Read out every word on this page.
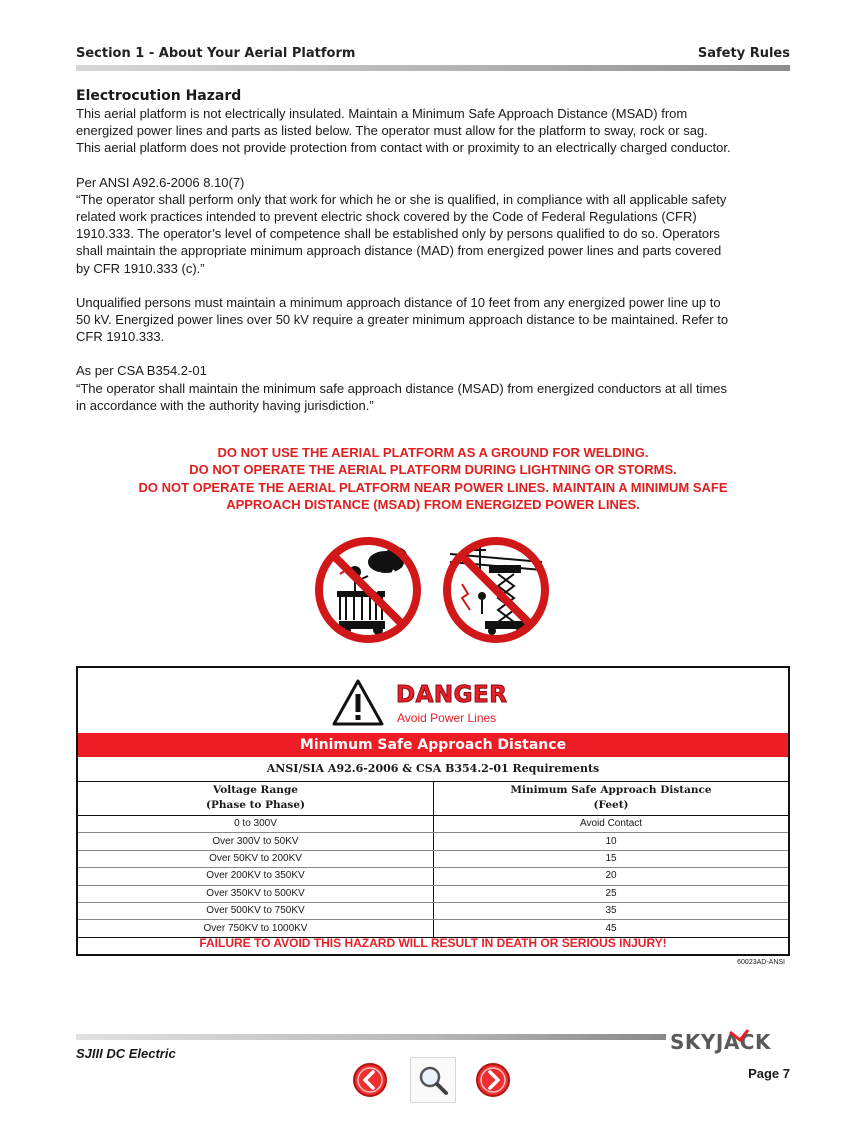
Section 1 - About Your Aerial Platform	Safety Rules
Electrocution Hazard

This aerial platform is not electrically insulated. Maintain a Minimum Safe Approach Distance (MSAD) from
energized power lines and parts as listed below. The operator must allow for the platform to sway, rock or sag.
This aerial platform does not provide protection from contact with or proximity to an electrically charged conductor.

Per ANSI A92.6-2006 8.10(7)
“The operator shall perform only that work for which he or she is qualified, in compliance with all applicable safety
related work practices intended to prevent electric shock covered by the Code of Federal Regulations (CFR)
1910.333. The operator’s level of competence shall be established only by persons qualified to do so. Operators
shall maintain the appropriate minimum approach distance (MAD) from energized power lines and parts covered
by CFR 1910.333 (c).”

Unqualified persons must maintain a minimum approach distance of 10 feet from any energized power line up to
50 kV. Energized power lines over 50 kV require a greater minimum approach distance to be maintained. Refer to
CFR 1910.333.

As per CSA B354.2-01
“The operator shall maintain the minimum safe approach distance (MSAD) from energized conductors at all times
in accordance with the authority having jurisdiction.”

DO NOT USE THE AERIAL PLATFORM AS A GROUND FOR WELDING.
DO NOT OPERATE THE AERIAL PLATFORM DURING LIGHTNING OR STORMS.
DO NOT OPERATE THE AERIAL PLATFORM NEAR POWER LINES. MAINTAIN A MINIMUM SAFE
APPROACH DISTANCE (MSAD) FROM ENERGIZED POWER LINES.
DANGER
Avoid Power Lines
Minimum Safe Approach Distance
ANSI/SIA A92.6-2006 & CSA B354.2-01 Requirements
Voltage Range
(Phase to Phase)	Minimum Safe Approach Distance
(Feet)
0 to 300V	Avoid Contact
Over 300V to 50KV	10
Over 50KV to 200KV	15
Over 200KV to 350KV	20
Over 350KV to 500KV	25
Over 500KV to 750KV	35
Over 750KV to 1000KV	45
FAILURE TO AVOID THIS HAZARD WILL RESULT IN DEATH OR SERIOUS INJURY!
60023AD-ANSI
SKYJACK
SJIII DC Electric
Page 7
